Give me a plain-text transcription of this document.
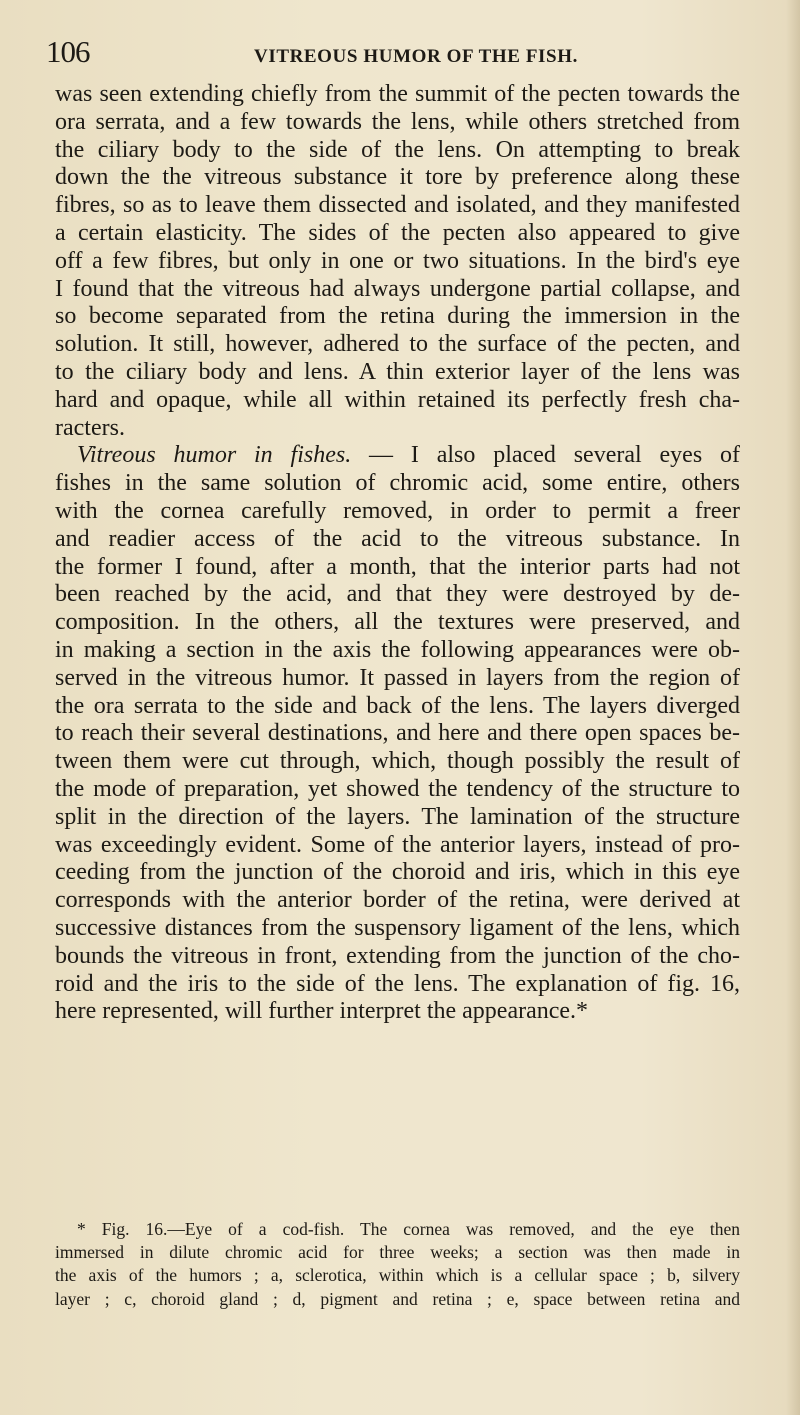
106	VITREOUS HUMOR OF THE FISH.
was seen extending chiefly from the summit of the pecten towards the
ora serrata, and a few towards the lens, while others stretched from
the ciliary body to the side of the lens. On attempting to break
down the the vitreous substance it tore by preference along these
fibres, so as to leave them dissected and isolated, and they manifested
a certain elasticity. The sides of the pecten also appeared to give
off a few fibres, but only in one or two situations. In the bird's eye
I found that the vitreous had always undergone partial collapse, and
so become separated from the retina during the immersion in the
solution. It still, however, adhered to the surface of the pecten, and
to the ciliary body and lens. A thin exterior layer of the lens was
hard and opaque, while all within retained its perfectly fresh cha-
racters.
Vitreous humor in fishes. — I also placed several eyes of
fishes in the same solution of chromic acid, some entire, others
with the cornea carefully removed, in order to permit a freer
and readier access of the acid to the vitreous substance. In
the former I found, after a month, that the interior parts had not
been reached by the acid, and that they were destroyed by de-
composition. In the others, all the textures were preserved, and
in making a section in the axis the following appearances were ob-
served in the vitreous humor. It passed in layers from the region of
the ora serrata to the side and back of the lens. The layers diverged
to reach their several destinations, and here and there open spaces be-
tween them were cut through, which, though possibly the result of
the mode of preparation, yet showed the tendency of the structure to
split in the direction of the layers. The lamination of the structure
was exceedingly evident. Some of the anterior layers, instead of pro-
ceeding from the junction of the choroid and iris, which in this eye
corresponds with the anterior border of the retina, were derived at
successive distances from the suspensory ligament of the lens, which
bounds the vitreous in front, extending from the junction of the cho-
roid and the iris to the side of the lens. The explanation of fig. 16,
here represented, will further interpret the appearance.*
* Fig. 16.—Eye of a cod-fish. The cornea was removed, and the eye then
immersed in dilute chromic acid for three weeks; a section was then made in
the axis of the humors ; a, sclerotica, within which is a cellular space ; b, silvery
layer ; c, choroid gland ; d, pigment and retina ; e, space between retina and
